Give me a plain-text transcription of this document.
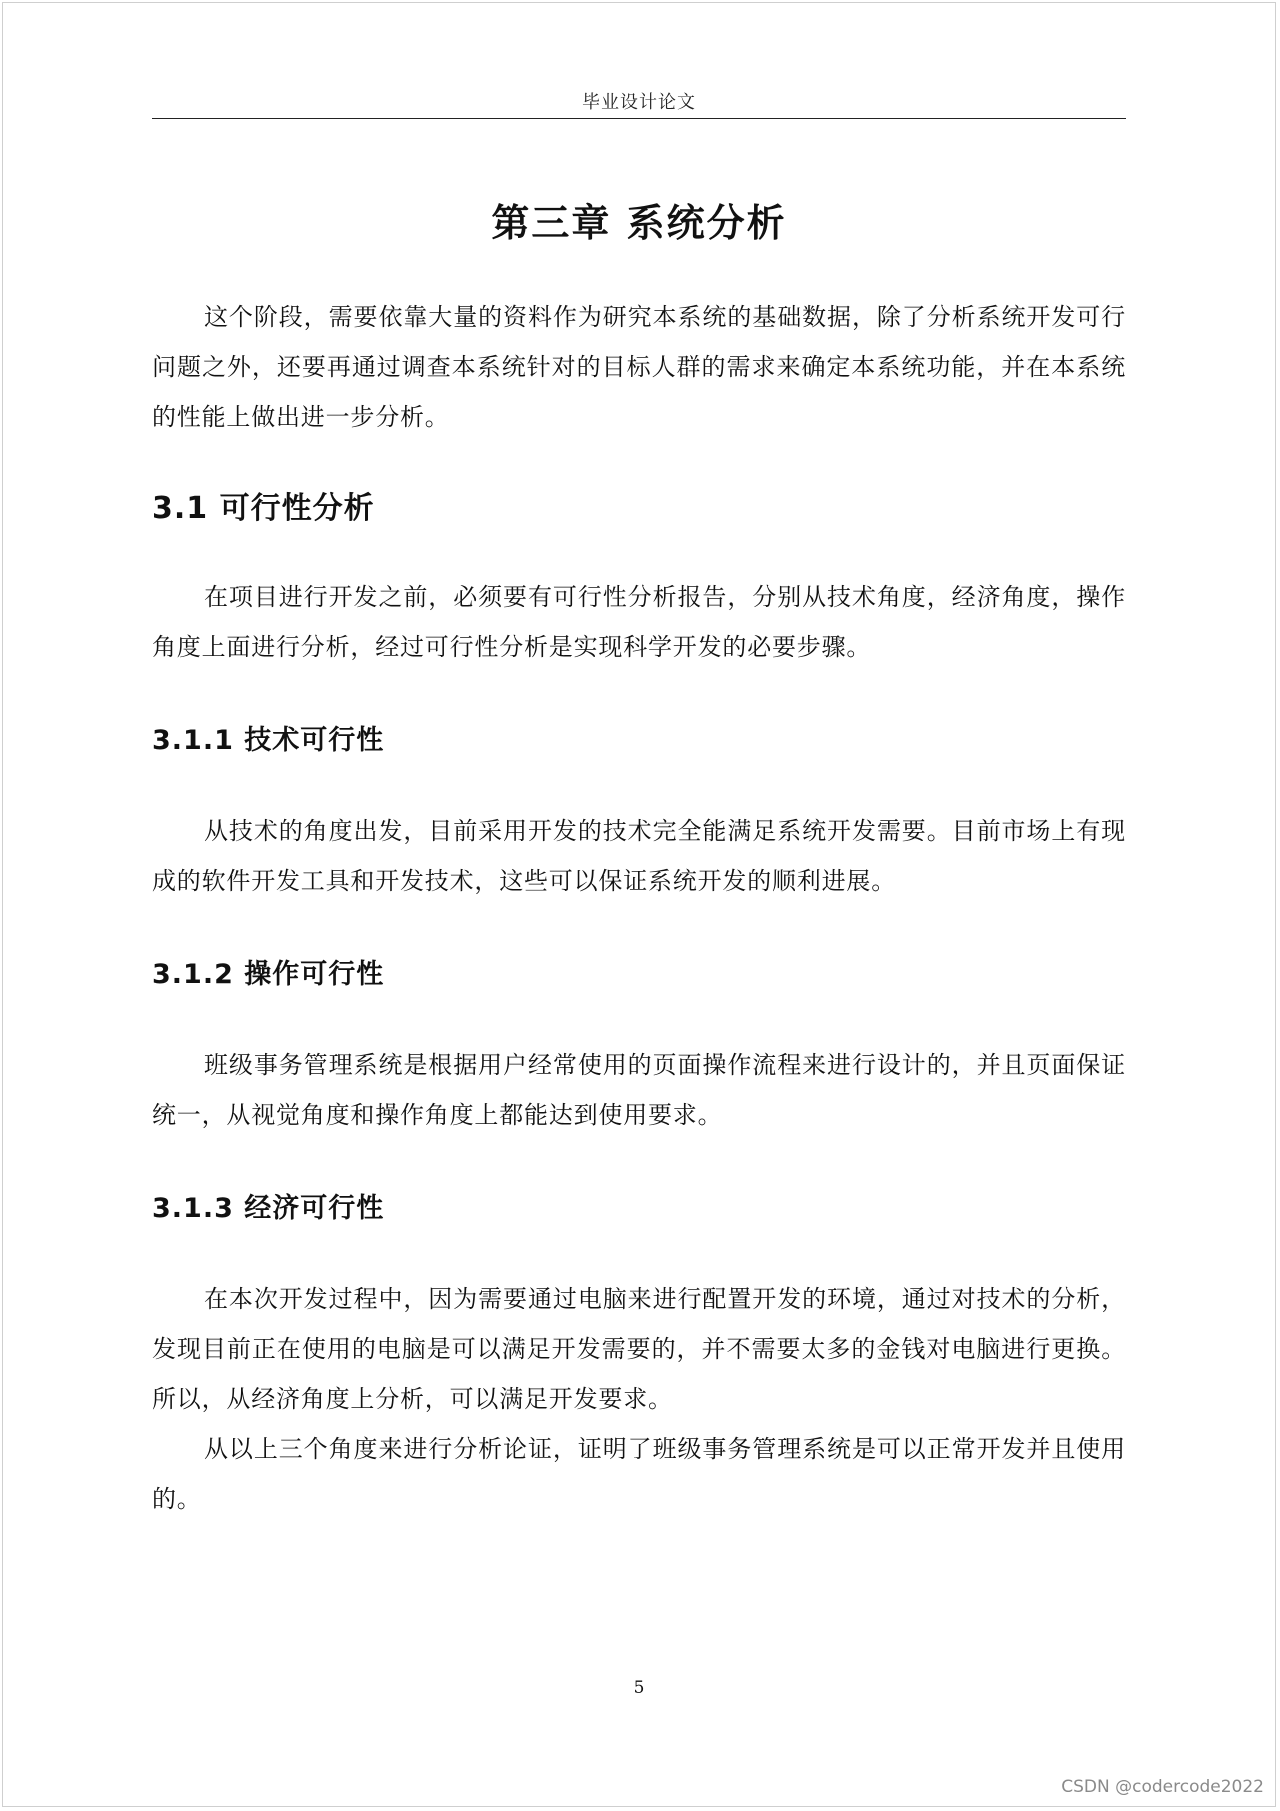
毕业设计论文
第三章 系统分析

这个阶段，需要依靠大量的资料作为研究本系统的基础数据，除了分析系统开发可行问题之外，还要再通过调查本系统针对的目标人群的需求来确定本系统功能，并在本系统的性能上做出进一步分析。

3.1 可行性分析

在项目进行开发之前，必须要有可行性分析报告，分别从技术角度，经济角度，操作角度上面进行分析，经过可行性分析是实现科学开发的必要步骤。

3.1.1 技术可行性

从技术的角度出发，目前采用开发的技术完全能满足系统开发需要。目前市场上有现成的软件开发工具和开发技术，这些可以保证系统开发的顺利进展。

3.1.2 操作可行性

班级事务管理系统是根据用户经常使用的页面操作流程来进行设计的，并且页面保证统一，从视觉角度和操作角度上都能达到使用要求。

3.1.3 经济可行性

在本次开发过程中，因为需要通过电脑来进行配置开发的环境，通过对技术的分析，发现目前正在使用的电脑是可以满足开发需要的，并不需要太多的金钱对电脑进行更换。所以，从经济角度上分析，可以满足开发要求。

从以上三个角度来进行分析论证，证明了班级事务管理系统是可以正常开发并且使用的。

5
CSDN @codercode2022
